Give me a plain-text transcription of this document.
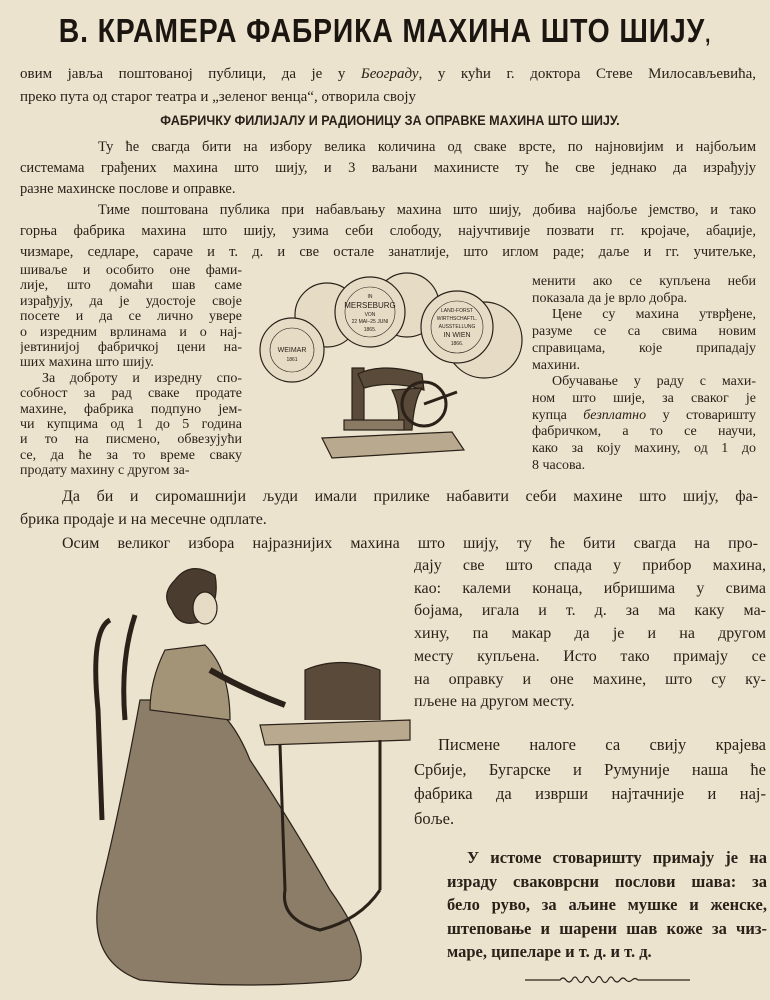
В. КРАМЕРА ФАБРИКА МАХИНА ШТО ШИЈУ,
овим јавља поштованој публици, да је у Београду, у кући г. доктора Стеве Милосављевића,
преко пута од старог театра и „зеленог венца“, отворила своју
ФАБРИЧКУ ФИЛИЈАЛУ И РАДИОНИЦУ ЗА ОПРАВКЕ МАХИНА ШТО ШИЈУ.
Ту ће свагда бити на избору велика количина од сваке врсте, по најновијим и најбољим
системама грађених махина што шију, и 3 ваљани махинисте ту ће све једнако да израђују
разне махинске послове и оправке.
Тиме поштована публика при набављању махина што шију, добива најбоље јемство, и тако
горња фабрика махина што шију, узима себи слободу, најучтивије позвати гг. кројаче, абаџије,
чизмаре, седларе, сараче и т. д. и све остале занатлије, што иглом раде; даље и гг. учитељке,
шиваље и особито оне фами-
лије, што домаћи шав саме
израђују, да је удостоје своје
посете и да се лично увере
о изредним врлинама и о нај-
јевтинијој фабричкој цени на-
ших махина што шију.
За доброту и изредну спо-
собност за рад сваке продате
махине, фабрика подпуно јем-
чи купцима од 1 до 5 година
и то на писмено, обвезујући
се, да ће за то време сваку
продату махину с другом за-
IN
MERSEBURG
VON
22 MAI–25 JUNI
1865.
WEIMAR
1861
LAND-FORST
WIRTHSCHAFTL.
AUSSTELLUNG
IN WIEN
1866.
менити ако се купљена неби
показала да је врло добра.
Цене су махина утврђене,
разуме се са свима новим
справицама, које припадају
махини.
Обучавање у раду с махи-
ном што шије, за сваког је
купца безплатно у стоваришту
фабричком, а то се научи,
како за коју махину, од 1 до
8 часова.
Да би и сиромашнији људи имали прилике набавити себи махине што шију, фа-
брика продаје и на месечне одплате.
Осим великог избора најразнијих махина што шију, ту ће бити свагда на про-
дају све што спада у прибор махина,
као: калеми конаца, ибришима у свима
бојама, игала и т. д. за ма каку ма-
хину, па макар да је и на другом
месту купљена. Исто тако примају се
на оправку и оне махине, што су ку-
пљене на другом месту.
Писмене налоге са свију крајева
Србије, Бугарске и Румуније наша ће
фабрика да изврши најтачније и нај-
боље.
У истоме стоваришту примају је на
израду сваковрсни послови шава: за
бело руво, за аљине мушке и женске,
штеповање и шарени шав коже за чиз-
маре, ципеларе и т. д. и т. д.
